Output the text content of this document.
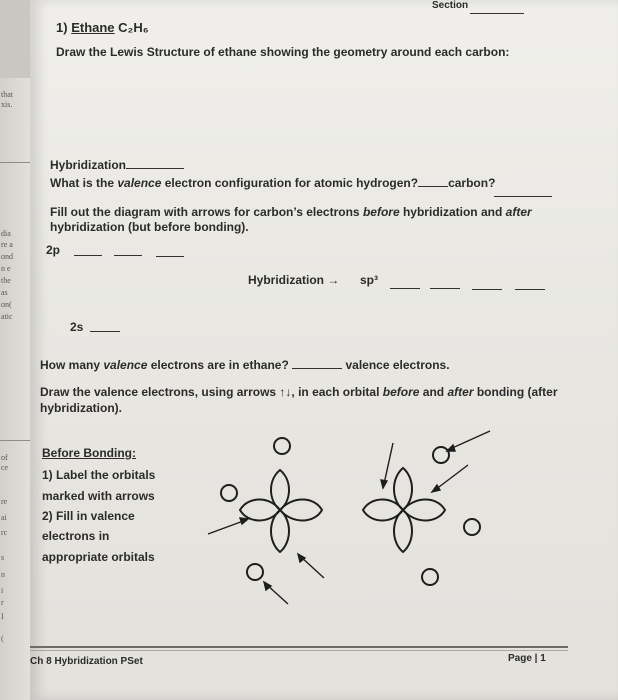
that
xis.
dia
re a
ond
n e
the
as
on(
atic
of
ce
re
ai
rc
s
n
i
r
I
(
Section
1) Ethane C₂H₆
Draw the Lewis Structure of ethane showing the geometry around each carbon:
Hybridization
What is the valence electron configuration for atomic hydrogen?	carbon?
Fill out the diagram with arrows for carbon’s electrons before hybridization and after
hybridization (but before bonding).
2p
Hybridization → sp³
2s
How many valence electrons are in ethane?	valence electrons.
Draw the valence electrons, using arrows ↑↓, in each orbital before and after bonding (after
hybridization).
Before Bonding:
1) Label the orbitals
marked with arrows
2) Fill in valence
electrons in
appropriate orbitals
Ch 8 Hybridization PSet	Page | 1
